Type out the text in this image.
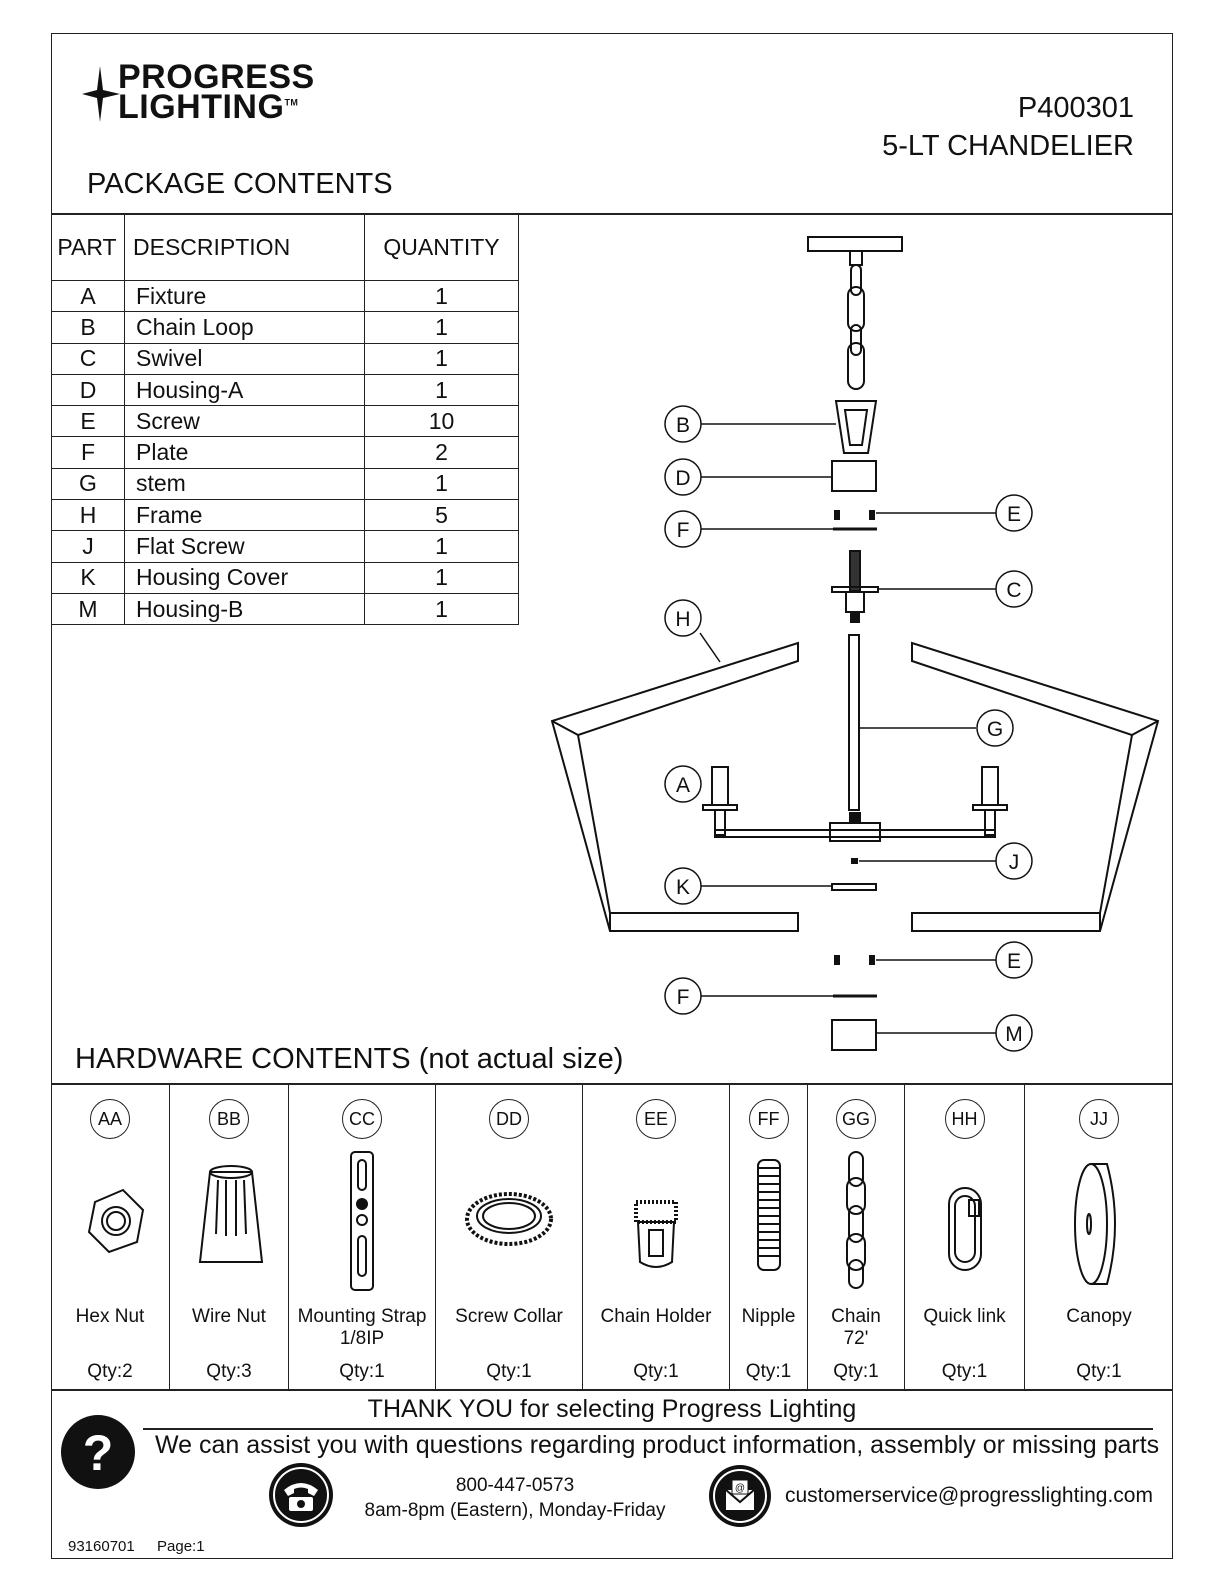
PROGRESS
LIGHTING™	P400301
5-LT CHANDELIER
PACKAGE CONTENTS
PART	DESCRIPTION	QUANTITY
A	Fixture	1
B	Chain Loop	1
C	Swivel	1
D	Housing-A	1
E	Screw	10
F	Plate	2
G	stem	1
H	Frame	5
J	Flat Screw	1
K	Housing Cover	1
M	Housing-B	1
B
D
E
F
C
H
G
A
J
K
E
F
M
HARDWARE CONTENTS (not actual size)
AA
Hex Nut
Qty:2
BB
Wire Nut
Qty:3
CC
Mounting Strap
1/8IP
Qty:1
DD
Screw Collar
Qty:1
EE
Chain Holder
Qty:1
FF
Nipple
Qty:1
GG
Chain
72'
Qty:1
HH
Quick link
Qty:1
JJ
Canopy
Qty:1
THANK YOU for selecting Progress Lighting
We can assist you with questions regarding product information, assembly or missing parts
?
800-447-0573
8am-8pm (Eastern), Monday-Friday
@ customerservice@progresslighting.com
93160701 Page:1
